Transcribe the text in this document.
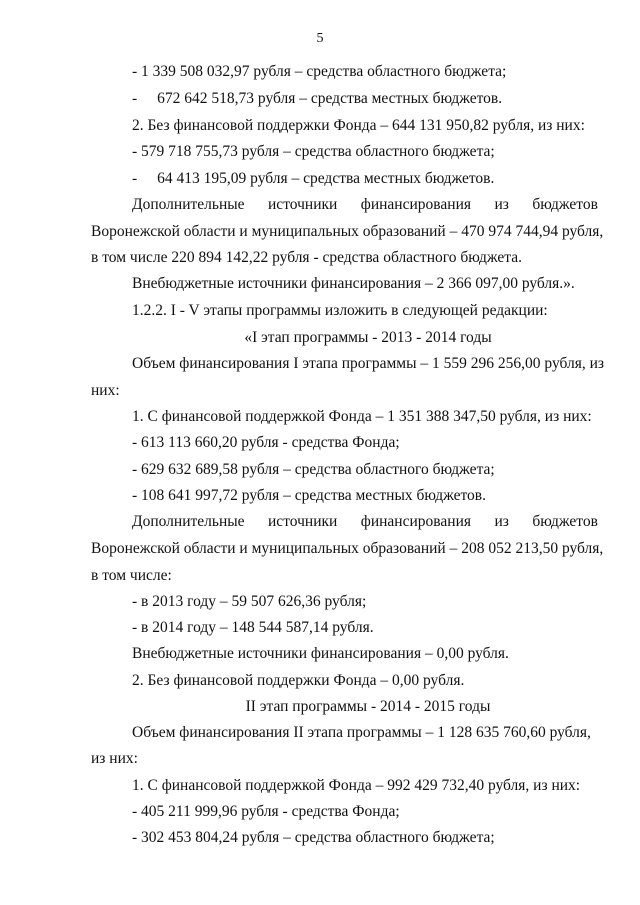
5
- 1 339 508 032,97 рубля – средства областного бюджета;
- 672 642 518,73 рубля – средства местных бюджетов.
2. Без финансовой поддержки Фонда – 644 131 950,82 рубля, из них:
- 579 718 755,73 рубля – средства областного бюджета;
- 64 413 195,09 рубля – средства местных бюджетов.
Дополнительные источники финансирования из бюджетов
Воронежской области и муниципальных образований – 470 974 744,94 рубля,
в том числе 220 894 142,22 рубля - средства областного бюджета.
Внебюджетные источники финансирования – 2 366 097,00 рубля.».
1.2.2. I - V этапы программы изложить в следующей редакции:
«I этап программы - 2013 - 2014 годы
Объем финансирования I этапа программы – 1 559 296 256,00 рубля, из
них:
1. С финансовой поддержкой Фонда – 1 351 388 347,50 рубля, из них:
- 613 113 660,20 рубля - средства Фонда;
- 629 632 689,58 рубля – средства областного бюджета;
- 108 641 997,72 рубля – средства местных бюджетов.
Дополнительные источники финансирования из бюджетов
Воронежской области и муниципальных образований – 208 052 213,50 рубля,
в том числе:
- в 2013 году – 59 507 626,36 рубля;
- в 2014 году – 148 544 587,14 рубля.
Внебюджетные источники финансирования – 0,00 рубля.
2. Без финансовой поддержки Фонда – 0,00 рубля.
II этап программы - 2014 - 2015 годы
Объем финансирования II этапа программы – 1 128 635 760,60 рубля,
из них:
1. С финансовой поддержкой Фонда – 992 429 732,40 рубля, из них:
- 405 211 999,96 рубля - средства Фонда;
- 302 453 804,24 рубля – средства областного бюджета;
